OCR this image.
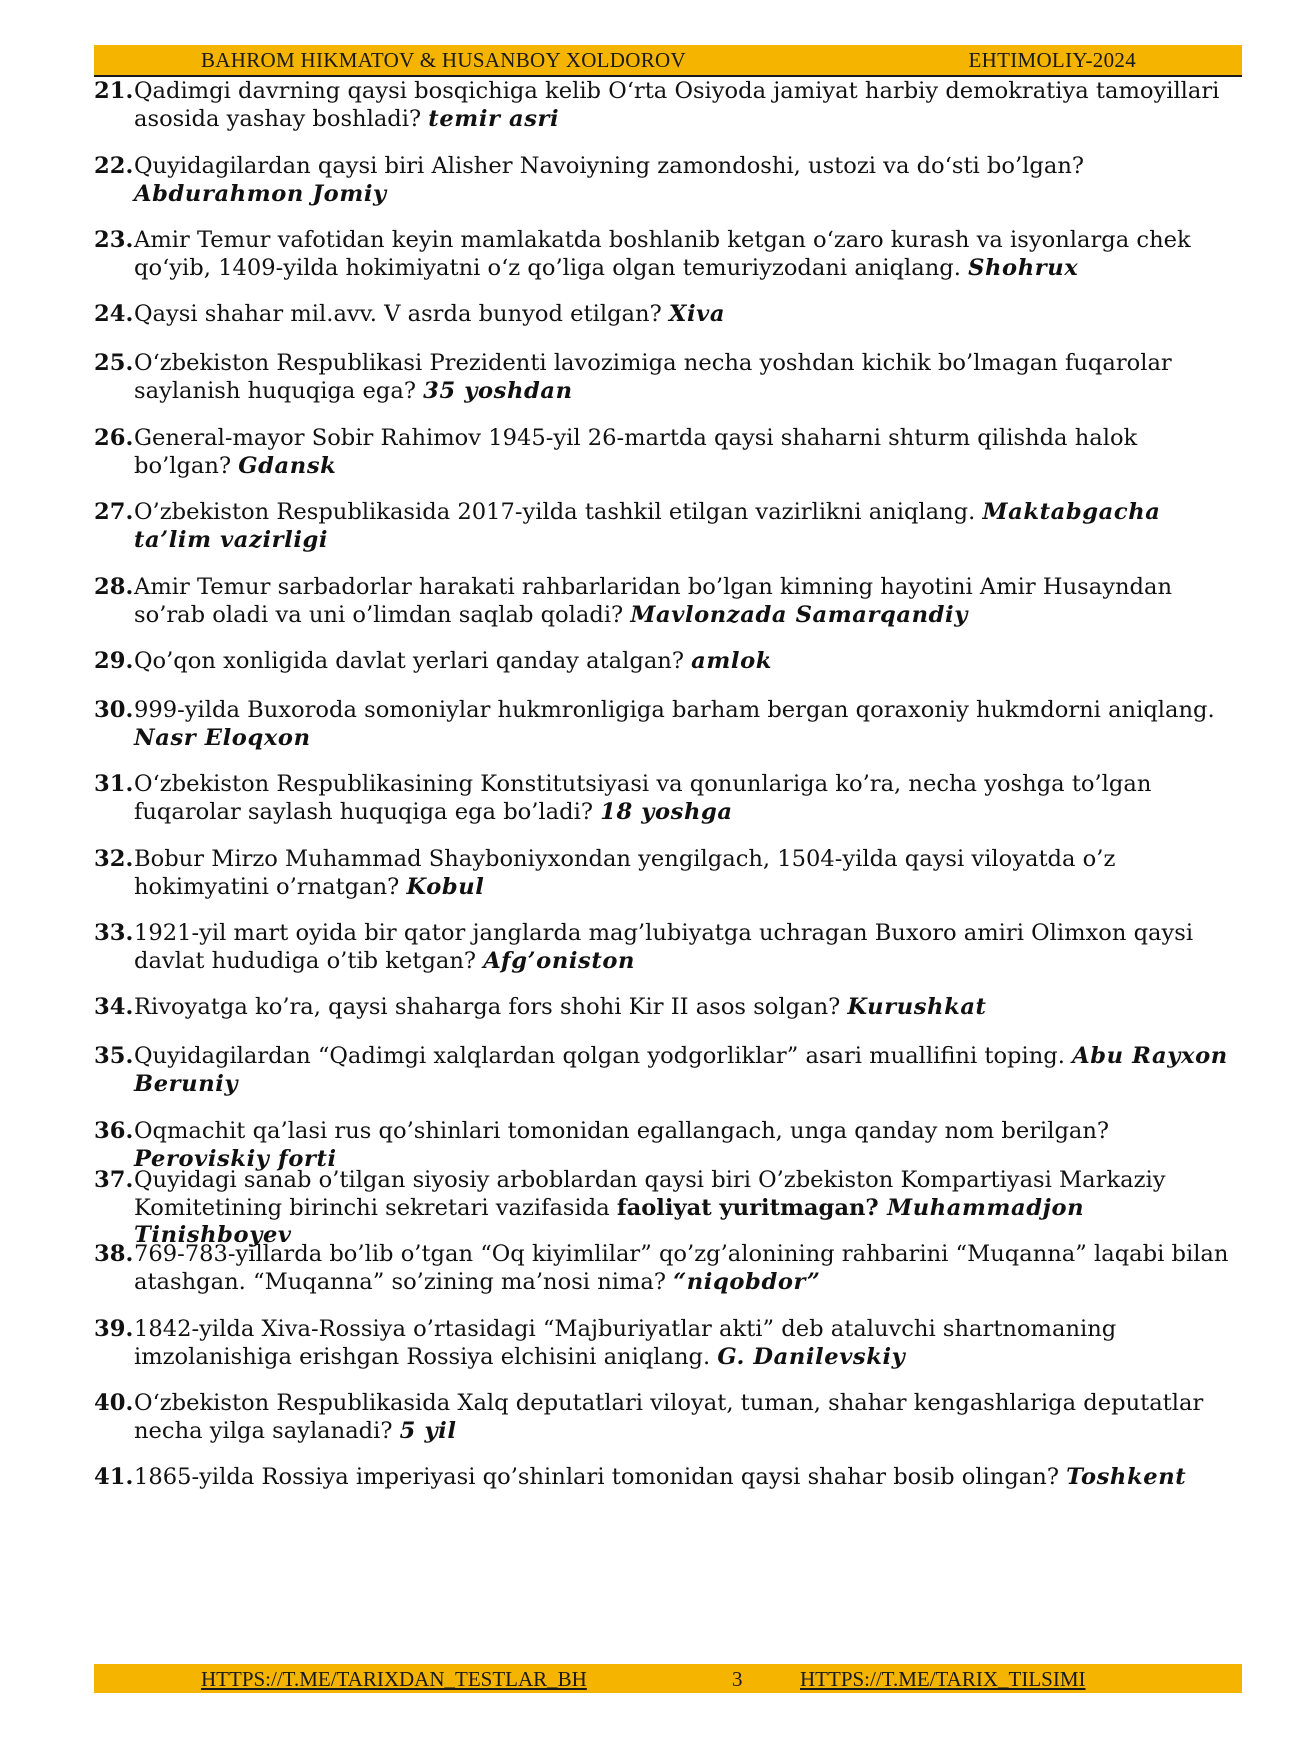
BAHROM HIKMATOV & HUSANBOY XOLDOROV	EHTIMOLIY-2024
21. Qadimgi davrning qaysi bosqichiga kelib O‘rta Osiyoda jamiyat harbiy demokratiya tamoyillari asosida yashay boshladi? temir asri
22. Quyidagilardan qaysi biri Alisher Navoiyning zamondoshi, ustozi va do‘sti bo’lgan? Abdurahmon Jomiy
23. Amir Temur vafotidan keyin mamlakatda boshlanib ketgan o‘zaro kurash va isyonlarga chek qo‘yib, 1409-yilda hokimiyatni o‘z qo’liga olgan temuriyzodani aniqlang. Shohrux
24. Qaysi shahar mil.avv. V asrda bunyod etilgan? Xiva
25. O‘zbekiston Respublikasi Prezidenti lavozimiga necha yoshdan kichik bo’lmagan fuqarolar saylanish huquqiga ega? 35 yoshdan
26. General-mayor Sobir Rahimov 1945-yil 26-martda qaysi shaharni shturm qilishda halok bo’lgan? Gdansk
27. O’zbekiston Respublikasida 2017-yilda tashkil etilgan vazirlikni aniqlang. Maktabgacha ta’lim vazirligi
28. Amir Temur sarbadorlar harakati rahbarlaridan bo’lgan kimning hayotini Amir Husayndan so’rab oladi va uni o’limdan saqlab qoladi? Mavlonzada Samarqandiy
29. Qo’qon xonligida davlat yerlari qanday atalgan? amlok
30. 999-yilda Buxoroda somoniylar hukmronligiga barham bergan qoraxoniy hukmdorni aniqlang. Nasr Eloqxon
31. O‘zbekiston Respublikasining Konstitutsiyasi va qonunlariga ko’ra, necha yoshga to’lgan fuqarolar saylash huquqiga ega bo’ladi? 18 yoshga
32. Bobur Mirzo Muhammad Shayboniyxondan yengilgach, 1504-yilda qaysi viloyatda o’z hokimyatini o’rnatgan? Kobul
33. 1921-yil mart oyida bir qator janglarda mag’lubiyatga uchragan Buxoro amiri Olimxon qaysi davlat hududiga o’tib ketgan? Afg’oniston
34. Rivoyatga ko’ra, qaysi shaharga fors shohi Kir II asos solgan? Kurushkat
35. Quyidagilardan “Qadimgi xalqlardan qolgan yodgorliklar” asari muallifini toping. Abu Rayxon Beruniy
36. Oqmachit qa’lasi rus qo’shinlari tomonidan egallangach, unga qanday nom berilgan? Peroviskiy forti
37. Quyidagi sanab o’tilgan siyosiy arboblardan qaysi biri O’zbekiston Kompartiyasi Markaziy Komitetining birinchi sekretari vazifasida faoliyat yuritmagan? Muhammadjon Tinishboyev
38. 769-783-yillarda bo’lib o’tgan “Oq kiyimlilar” qo’zg’alonining rahbarini “Muqanna” laqabi bilan atashgan. “Muqanna” so’zining ma’nosi nima? “niqobdor”
39. 1842-yilda Xiva-Rossiya o’rtasidagi “Majburiyatlar akti” deb ataluvchi shartnomaning imzolanishiga erishgan Rossiya elchisini aniqlang. G. Danilevskiy
40. O‘zbekiston Respublikasida Xalq deputatlari viloyat, tuman, shahar kengashlariga deputatlar necha yilga saylanadi? 5 yil
41. 1865-yilda Rossiya imperiyasi qo’shinlari tomonidan qaysi shahar bosib olingan? Toshkent
HTTPS://T.ME/TARIXDAN_TESTLAR_BH	3	HTTPS://T.ME/TARIX_TILSIMI
